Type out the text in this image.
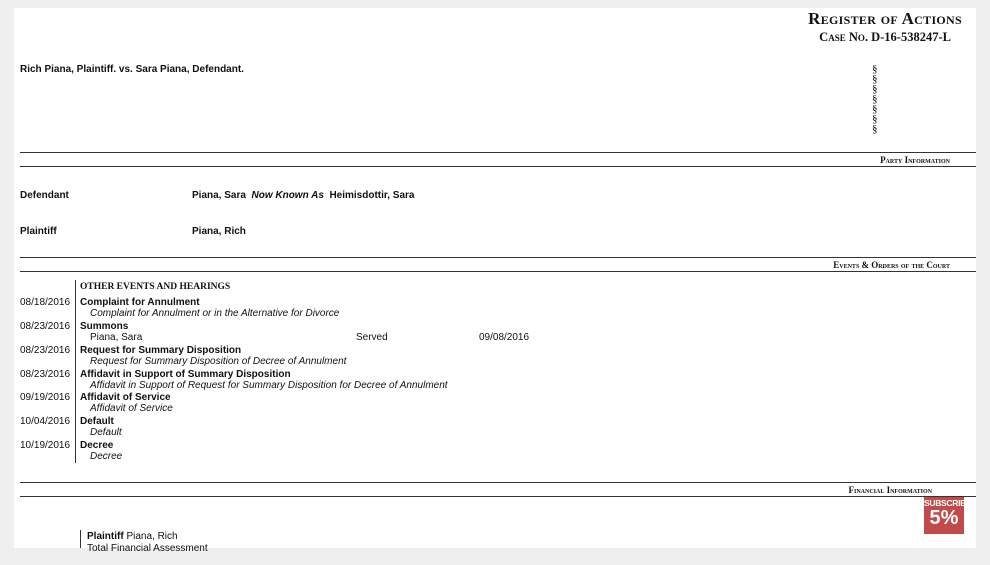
Register of Actions
Case No. D-16-538247-L
Rich Piana, Plaintiff. vs. Sara Piana, Defendant.	§
§
§
§
§
§
§
Party Information
Defendant	Piana, Sara Now Known As Heimisdottir, Sara
Plaintiff	Piana, Rich
Events & Orders of the Court
OTHER EVENTS AND HEARINGS
08/18/2016 Complaint for Annulment
Complaint for Annulment or in the Alternative for Divorce
08/23/2016 Summons
Piana, Sara	Served	09/08/2016
08/23/2016 Request for Summary Disposition
Request for Summary Disposition of Decree of Annulment
08/23/2016 Affidavit in Support of Summary Disposition
Affidavit in Support of Request for Summary Disposition for Decree of Annulment
09/19/2016 Affidavit of Service
Affidavit of Service
10/04/2016 Default
Default
10/19/2016 Decree
Decree
Financial Information
Plaintiff Piana, Rich
Total Financial Assessment
SUBSCRIBE
5%
